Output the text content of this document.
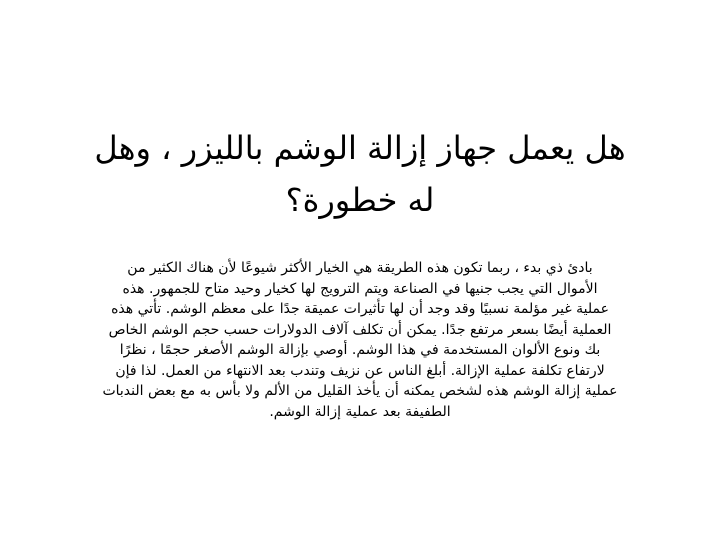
هل يعمل جهاز إزالة الوشم بالليزر ، وهل
له خطورة؟
بادئ ذي بدء ، ربما تكون هذه الطريقة هي الخيار الأكثر شيوعًا لأن هناك الكثير من
الأموال التي يجب جنيها في الصناعة ويتم الترويج لها كخيار وحيد متاح للجمهور. هذه
عملية غير مؤلمة نسبيًا وقد وجد أن لها تأثيرات عميقة جدًا على معظم الوشم. تأتي هذه
العملية أيضًا بسعر مرتفع جدًا. يمكن أن تكلف آلاف الدولارات حسب حجم الوشم الخاص
بك ونوع الألوان المستخدمة في هذا الوشم. أوصي بإزالة الوشم الأصغر حجمًا ، نظرًا
لارتفاع تكلفة عملية الإزالة. أبلغ الناس عن نزيف وتندب بعد الانتهاء من العمل. لذا فإن
عملية إزالة الوشم هذه لشخص يمكنه أن يأخذ القليل من الألم ولا بأس به مع بعض الندبات
الطفيفة بعد عملية إزالة الوشم.
